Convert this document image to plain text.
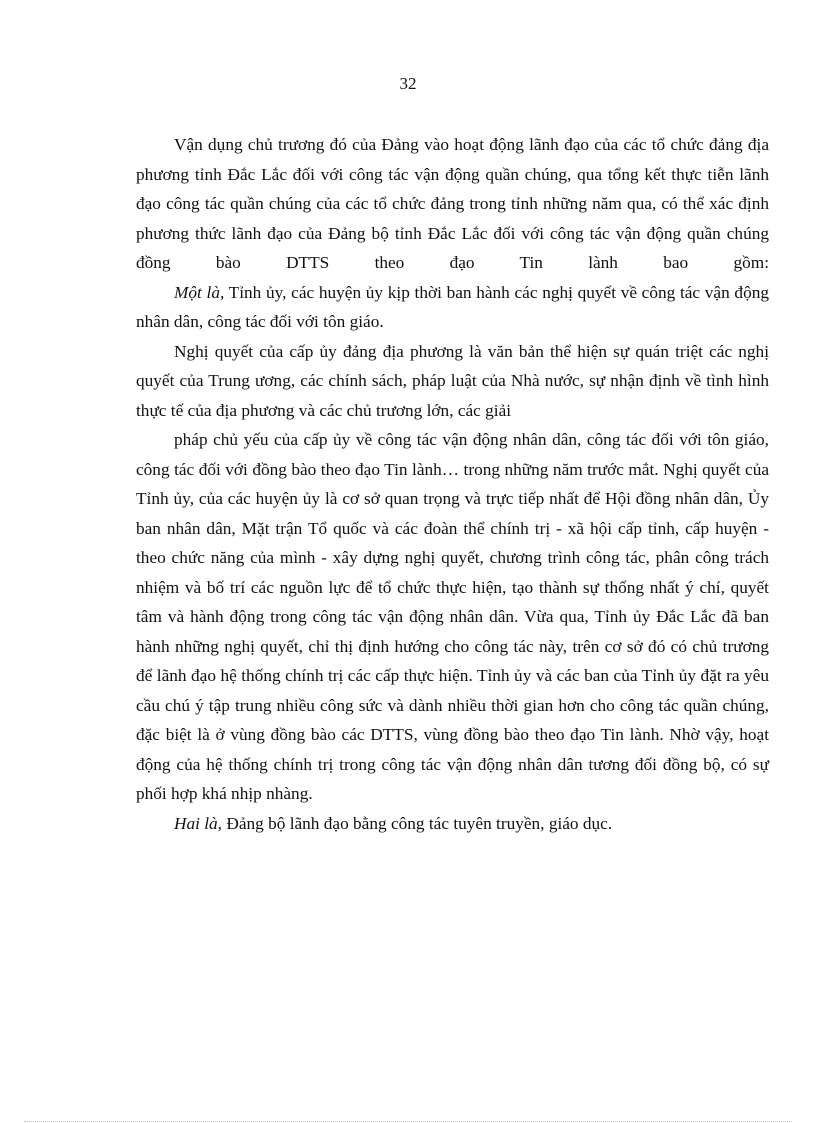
32

Vận dụng chủ trương đó của Đảng vào hoạt động lãnh đạo của các tổ chức đảng địa phương tỉnh Đắc Lắc đối với công tác vận động quần chúng, qua tổng kết thực tiễn lãnh đạo công tác quần chúng của các tổ chức đảng trong tỉnh những năm qua, có thể xác định phương thức lãnh đạo của Đảng bộ tỉnh Đắc Lắc đối với công tác vận động quần chúng đồng bào DTTS theo đạo Tin lành bao gồm:

Một là, Tỉnh ủy, các huyện ủy kịp thời ban hành các nghị quyết về công tác vận động nhân dân, công tác đối với tôn giáo.

Nghị quyết của cấp ủy đảng địa phương là văn bản thể hiện sự quán triệt các nghị quyết của Trung ương, các chính sách, pháp luật của Nhà nước, sự nhận định về tình hình thực tế của địa phương và các chủ trương lớn, các giải

pháp chủ yếu của cấp ủy về công tác vận động nhân dân, công tác đối với tôn giáo, công tác đối với đồng bào theo đạo Tin lành… trong những năm trước mắt. Nghị quyết của Tỉnh ủy, của các huyện ủy là cơ sở quan trọng và trực tiếp nhất để Hội đồng nhân dân, Ủy ban nhân dân, Mặt trận Tổ quốc và các đoàn thể chính trị - xã hội cấp tỉnh, cấp huyện - theo chức năng của mình - xây dựng nghị quyết, chương trình công tác, phân công trách nhiệm và bố trí các nguồn lực để tổ chức thực hiện, tạo thành sự thống nhất ý chí, quyết tâm và hành động trong công tác vận động nhân dân. Vừa qua, Tỉnh ủy Đắc Lắc đã ban hành những nghị quyết, chỉ thị định hướng cho công tác này, trên cơ sở đó có chủ trương để lãnh đạo hệ thống chính trị các cấp thực hiện. Tỉnh ủy và các ban của Tỉnh ủy đặt ra yêu cầu chú ý tập trung nhiều công sức và dành nhiều thời gian hơn cho công tác quần chúng, đặc biệt là ở vùng đồng bào các DTTS, vùng đồng bào theo đạo Tin lành. Nhờ vậy, hoạt động của hệ thống chính trị trong công tác vận động nhân dân tương đối đồng bộ, có sự phối hợp khá nhịp nhàng.

Hai là, Đảng bộ lãnh đạo bằng công tác tuyên truyền, giáo dục.
